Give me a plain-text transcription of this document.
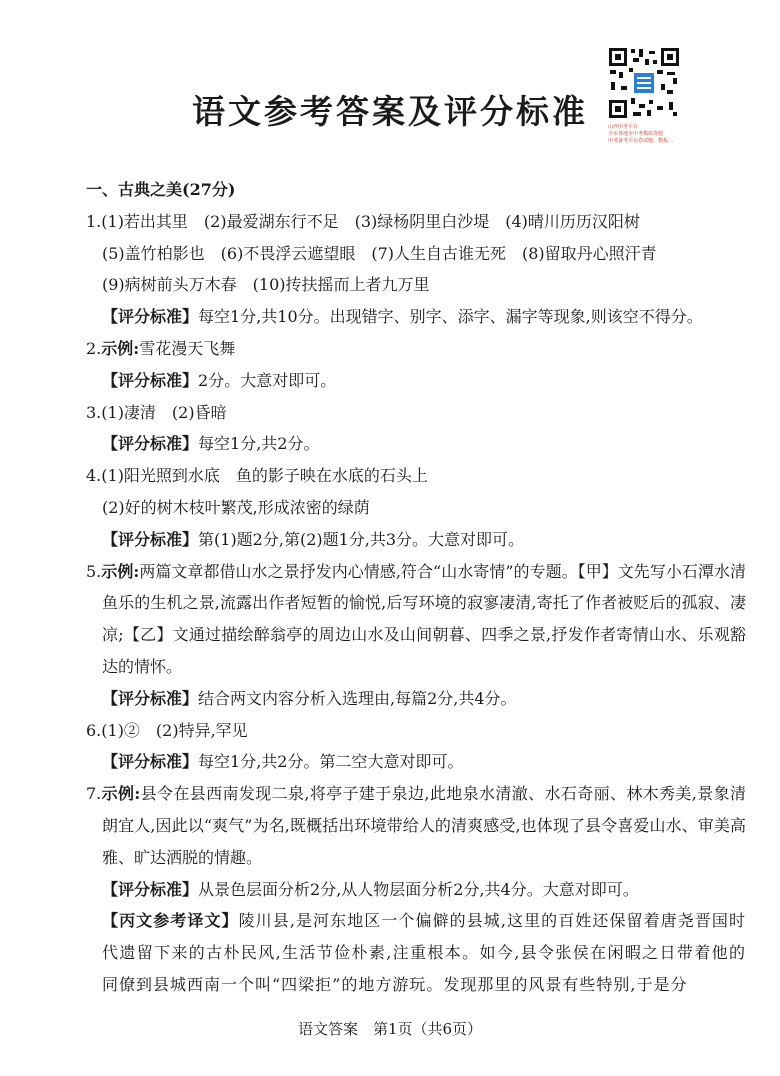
语文参考答案及评分标准	山西中考平台
全市各地市中考模拟真题
中考备考平台卷试题、模板…

一、古典之美(27分)

1.(1)若出其里　(2)最爱湖东行不足　(3)绿杨阴里白沙堤　(4)晴川历历汉阳树

(5)盖竹柏影也　(6)不畏浮云遮望眼　(7)人生自古谁无死　(8)留取丹心照汗青

(9)病树前头万木春　(10)抟扶摇而上者九万里

【评分标准】每空1分,共10分。出现错字、别字、添字、漏字等现象,则该空不得分。

2.示例:雪花漫天飞舞

【评分标准】2分。大意对即可。

3.(1)凄清　(2)昏暗

【评分标准】每空1分,共2分。

4.(1)阳光照到水底　鱼的影子映在水底的石头上

(2)好的树木枝叶繁茂,形成浓密的绿荫

【评分标准】第(1)题2分,第(2)题1分,共3分。大意对即可。

5.示例:两篇文章都借山水之景抒发内心情感,符合“山水寄情”的专题。【甲】文先写小石潭水清鱼乐的生机之景,流露出作者短暂的愉悦,后写环境的寂寥凄清,寄托了作者被贬后的孤寂、凄凉;【乙】文通过描绘醉翁亭的周边山水及山间朝暮、四季之景,抒发作者寄情山水、乐观豁达的情怀。

【评分标准】结合两文内容分析入选理由,每篇2分,共4分。

6.(1)②　(2)特异,罕见

【评分标准】每空1分,共2分。第二空大意对即可。

7.示例:县令在县西南发现二泉,将亭子建于泉边,此地泉水清澈、水石奇丽、林木秀美,景象清朗宜人,因此以“爽气”为名,既概括出环境带给人的清爽感受,也体现了县令喜爱山水、审美高雅、旷达洒脱的情趣。

【评分标准】从景色层面分析2分,从人物层面分析2分,共4分。大意对即可。

【丙文参考译文】陵川县,是河东地区一个偏僻的县城,这里的百姓还保留着唐尧晋国时代遗留下来的古朴民风,生活节俭朴素,注重根本。如今,县令张侯在闲暇之日带着他的同僚到县城西南一个叫“四梁拒”的地方游玩。发现那里的风景有些特别,于是分

语文答案　第1页（共6页）
